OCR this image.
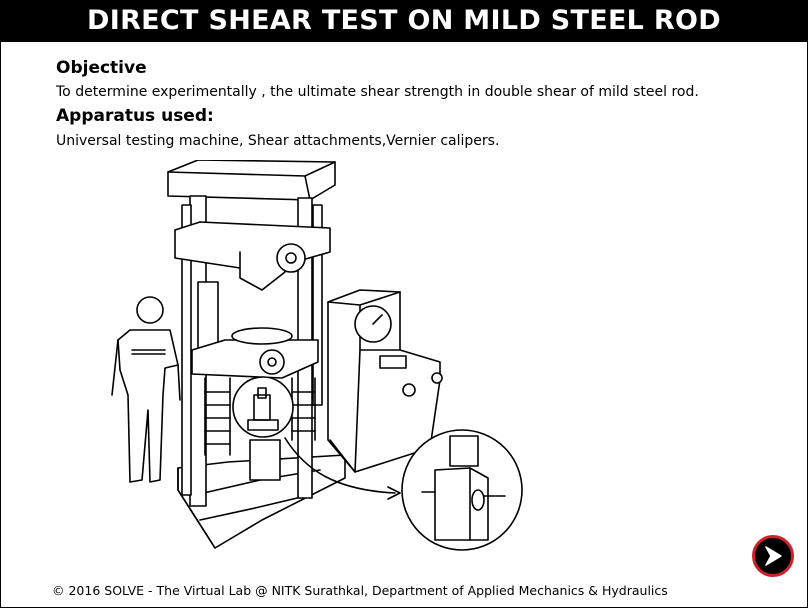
DIRECT SHEAR TEST ON MILD STEEL ROD
Objective
To determine experimentally , the ultimate shear strength in double shear of mild steel rod.
Apparatus used:
Universal testing machine, Shear attachments,Vernier calipers.
© 2016 SOLVE - The Virtual Lab @ NITK Surathkal, Department of Applied Mechanics & Hydraulics
